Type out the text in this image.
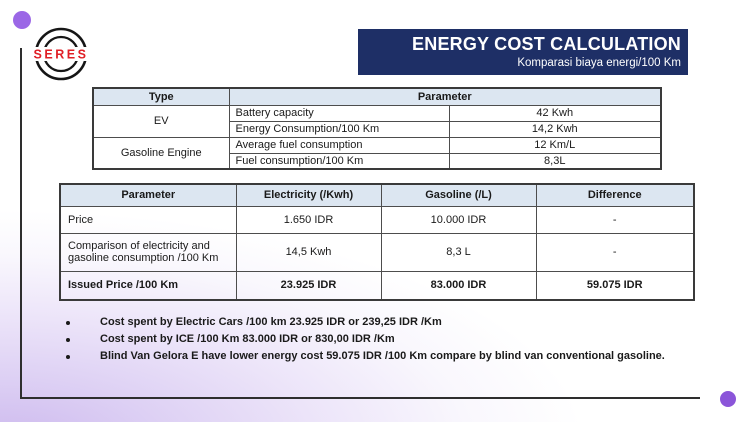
SERES
ENERGY COST CALCULATION
Komparasi biaya energi/100 Km
Type	Parameter	
EV	Battery capacity	42 Kwh
	Energy Consumption/100 Km	14,2 Kwh
Gasoline Engine	Average fuel consumption	12 Km/L
	Fuel consumption/100 Km	8,3L
Parameter	Electricity (/Kwh)	Gasoline (/L)	Difference
Price	1.650 IDR	10.000 IDR	-
Comparison of electricity and gasoline consumption /100 Km	14,5 Kwh	8,3 L	-
Issued Price /100 Km	23.925 IDR	83.000 IDR	59.075 IDR
Cost spent by Electric Cars /100 km 23.925 IDR or 239,25 IDR /Km
Cost spent by ICE /100 Km 83.000 IDR or 830,00 IDR /Km
Blind Van Gelora E have lower energy cost 59.075 IDR /100 Km compare by blind van conventional gasoline.
